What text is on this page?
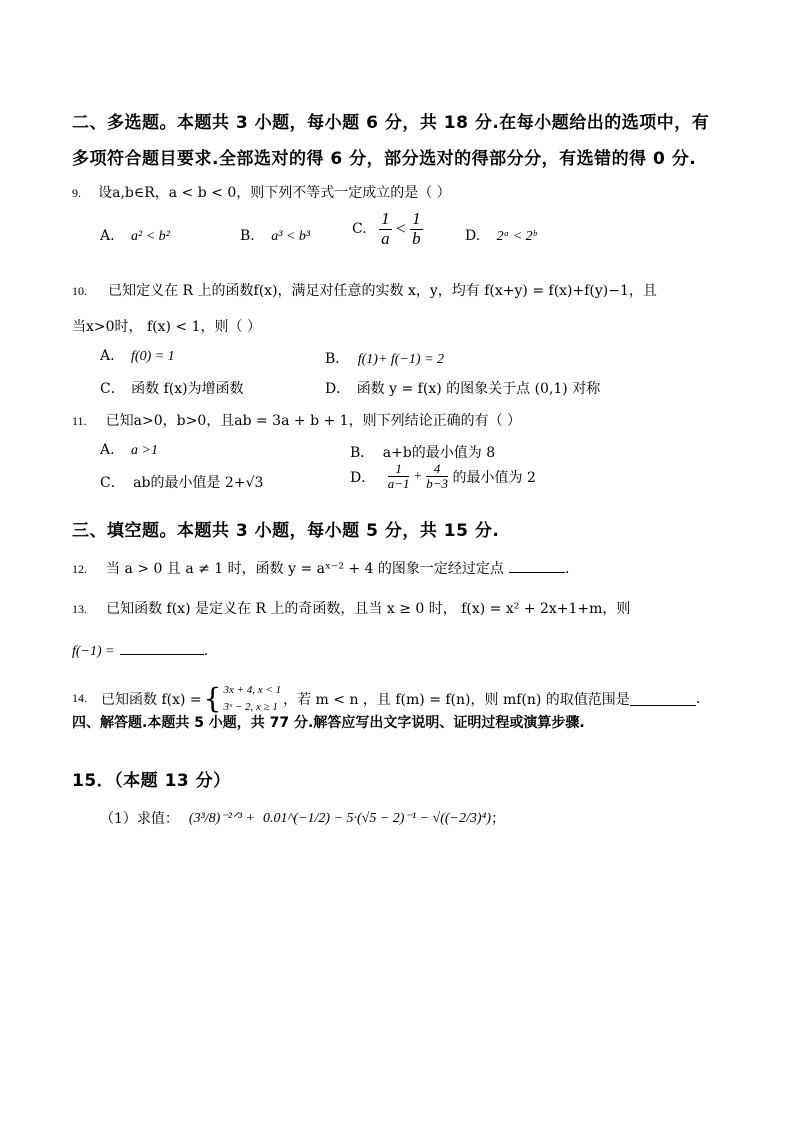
二、多选题。本题共 3 小题，每小题 6 分，共 18 分.在每小题给出的选项中，有
多项符合题目要求.全部选对的得 6 分，部分选对的得部分分，有选错的得 0 分.
9. 设a,b∈R，a < b < 0，则下列不等式一定成立的是（ ）
A. a² < b²	B. a³ < b³	C. $\frac{1}{a} < \frac{1}{b}$	D. 2ᵃ < 2ᵇ
10. 已知定义在 R 上的函数f(x)，满足对任意的实数 x，y，均有 f(x+y) = f(x)+f(y)−1，且
当x>0时， f(x) < 1，则（ ）
A. f(0) = 1	B． f(1)+ f(−1) = 2
C． 函数 f(x)为增函数	D． 函数 y = f(x) 的图象关于点 (0,1) 对称
11. 已知a>0，b>0，且ab = 3a + b + 1，则下列结论正确的有（ ）
A. a >1	B． a+b的最小值为 8
C． ab的最小值是 2+√3	D． $\frac{1}{a-1} + \frac{4}{b-3}$ 的最小值为 2
三、填空题。本题共 3 小题，每小题 5 分，共 15 分.
12. 当 a > 0 且 a ≠ 1 时，函数 y = aˣ⁻² + 4 的图象一定经过定点	.
13. 已知函数 f(x) 是定义在 R 上的奇函数，且当 x ≥ 0 时， f(x) = x² + 2x+1+m，则
f(−1) =	.
14. 已知函数 f(x) = { 3x + 4, x < 1
3ˣ − 2, x ≥ 1 ，若 m < n ，且 f(m) = f(n)，则 mf(n) 的取值范围是	.
四、解答题.本题共 5 小题，共 77 分.解答应写出文字说明、证明过程或演算步骤.
15．（本题 13 分）
（1）求值： (3³/8)⁻²ᐟ³ + 0.01^(−1/2) − 5·(√5 − 2)⁻¹ − √((−2/3)⁴) ；
